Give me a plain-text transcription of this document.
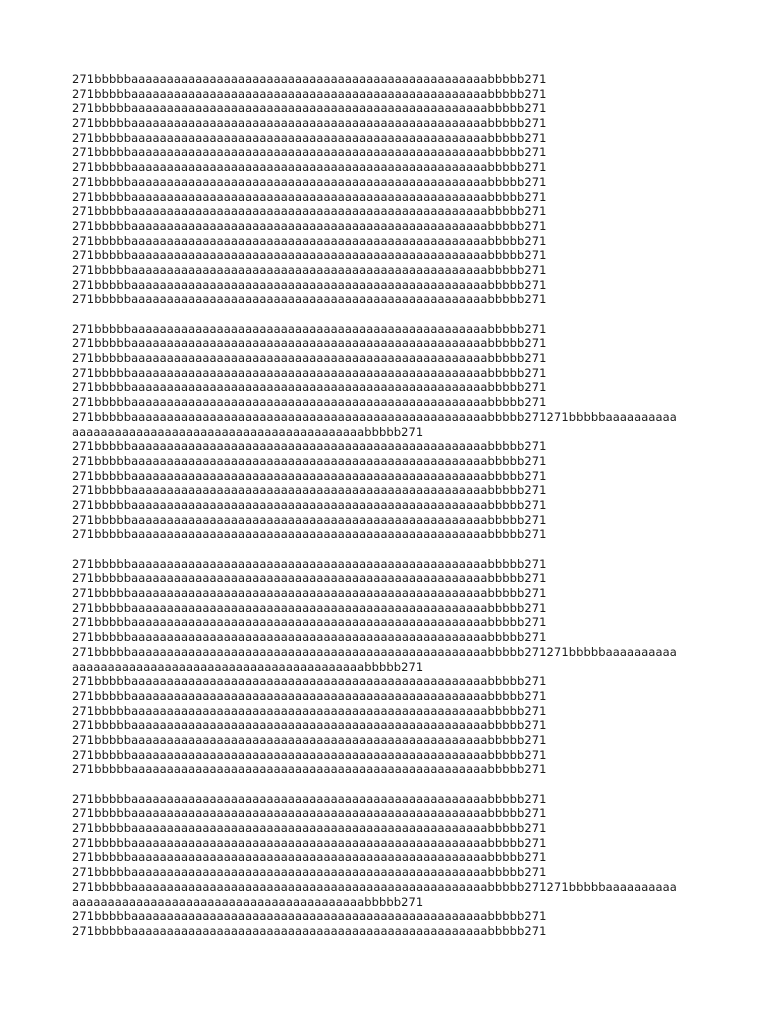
271bbbbbaaaaaaaaaaaaaaaaaaaaaaaaaaaaaaaaaaaaaaaaaaaaaaaaaabbbbb271
271bbbbbaaaaaaaaaaaaaaaaaaaaaaaaaaaaaaaaaaaaaaaaaaaaaaaaaabbbbb271
271bbbbbaaaaaaaaaaaaaaaaaaaaaaaaaaaaaaaaaaaaaaaaaaaaaaaaaabbbbb271
271bbbbbaaaaaaaaaaaaaaaaaaaaaaaaaaaaaaaaaaaaaaaaaaaaaaaaaabbbbb271
271bbbbbaaaaaaaaaaaaaaaaaaaaaaaaaaaaaaaaaaaaaaaaaaaaaaaaaabbbbb271
271bbbbbaaaaaaaaaaaaaaaaaaaaaaaaaaaaaaaaaaaaaaaaaaaaaaaaaabbbbb271
271bbbbbaaaaaaaaaaaaaaaaaaaaaaaaaaaaaaaaaaaaaaaaaaaaaaaaaabbbbb271
271bbbbbaaaaaaaaaaaaaaaaaaaaaaaaaaaaaaaaaaaaaaaaaaaaaaaaaabbbbb271
271bbbbbaaaaaaaaaaaaaaaaaaaaaaaaaaaaaaaaaaaaaaaaaaaaaaaaaabbbbb271
271bbbbbaaaaaaaaaaaaaaaaaaaaaaaaaaaaaaaaaaaaaaaaaaaaaaaaaabbbbb271
271bbbbbaaaaaaaaaaaaaaaaaaaaaaaaaaaaaaaaaaaaaaaaaaaaaaaaaabbbbb271
271bbbbbaaaaaaaaaaaaaaaaaaaaaaaaaaaaaaaaaaaaaaaaaaaaaaaaaabbbbb271
271bbbbbaaaaaaaaaaaaaaaaaaaaaaaaaaaaaaaaaaaaaaaaaaaaaaaaaabbbbb271
271bbbbbaaaaaaaaaaaaaaaaaaaaaaaaaaaaaaaaaaaaaaaaaaaaaaaaaabbbbb271
271bbbbbaaaaaaaaaaaaaaaaaaaaaaaaaaaaaaaaaaaaaaaaaaaaaaaaaabbbbb271
271bbbbbaaaaaaaaaaaaaaaaaaaaaaaaaaaaaaaaaaaaaaaaaaaaaaaaaabbbbb271
271bbbbbaaaaaaaaaaaaaaaaaaaaaaaaaaaaaaaaaaaaaaaaaaaaaaaaaabbbbb271
271bbbbbaaaaaaaaaaaaaaaaaaaaaaaaaaaaaaaaaaaaaaaaaaaaaaaaaabbbbb271
271bbbbbaaaaaaaaaaaaaaaaaaaaaaaaaaaaaaaaaaaaaaaaaaaaaaaaaabbbbb271
271bbbbbaaaaaaaaaaaaaaaaaaaaaaaaaaaaaaaaaaaaaaaaaaaaaaaaaabbbbb271
271bbbbbaaaaaaaaaaaaaaaaaaaaaaaaaaaaaaaaaaaaaaaaaaaaaaaaaabbbbb271
271bbbbbaaaaaaaaaaaaaaaaaaaaaaaaaaaaaaaaaaaaaaaaaaaaaaaaaabbbbb271
271bbbbbaaaaaaaaaaaaaaaaaaaaaaaaaaaaaaaaaaaaaaaaaaaaaaaaaabbbbb271271bbbbbaaaaaaaaaa
aaaaaaaaaaaaaaaaaaaaaaaaaaaaaaaaaaaaaaaaabbbbb271
271bbbbbaaaaaaaaaaaaaaaaaaaaaaaaaaaaaaaaaaaaaaaaaaaaaaaaaabbbbb271
271bbbbbaaaaaaaaaaaaaaaaaaaaaaaaaaaaaaaaaaaaaaaaaaaaaaaaaabbbbb271
271bbbbbaaaaaaaaaaaaaaaaaaaaaaaaaaaaaaaaaaaaaaaaaaaaaaaaaabbbbb271
271bbbbbaaaaaaaaaaaaaaaaaaaaaaaaaaaaaaaaaaaaaaaaaaaaaaaaaabbbbb271
271bbbbbaaaaaaaaaaaaaaaaaaaaaaaaaaaaaaaaaaaaaaaaaaaaaaaaaabbbbb271
271bbbbbaaaaaaaaaaaaaaaaaaaaaaaaaaaaaaaaaaaaaaaaaaaaaaaaaabbbbb271
271bbbbbaaaaaaaaaaaaaaaaaaaaaaaaaaaaaaaaaaaaaaaaaaaaaaaaaabbbbb271
271bbbbbaaaaaaaaaaaaaaaaaaaaaaaaaaaaaaaaaaaaaaaaaaaaaaaaaabbbbb271
271bbbbbaaaaaaaaaaaaaaaaaaaaaaaaaaaaaaaaaaaaaaaaaaaaaaaaaabbbbb271
271bbbbbaaaaaaaaaaaaaaaaaaaaaaaaaaaaaaaaaaaaaaaaaaaaaaaaaabbbbb271
271bbbbbaaaaaaaaaaaaaaaaaaaaaaaaaaaaaaaaaaaaaaaaaaaaaaaaaabbbbb271
271bbbbbaaaaaaaaaaaaaaaaaaaaaaaaaaaaaaaaaaaaaaaaaaaaaaaaaabbbbb271
271bbbbbaaaaaaaaaaaaaaaaaaaaaaaaaaaaaaaaaaaaaaaaaaaaaaaaaabbbbb271
271bbbbbaaaaaaaaaaaaaaaaaaaaaaaaaaaaaaaaaaaaaaaaaaaaaaaaaabbbbb271271bbbbbaaaaaaaaaa
aaaaaaaaaaaaaaaaaaaaaaaaaaaaaaaaaaaaaaaaabbbbb271
271bbbbbaaaaaaaaaaaaaaaaaaaaaaaaaaaaaaaaaaaaaaaaaaaaaaaaaabbbbb271
271bbbbbaaaaaaaaaaaaaaaaaaaaaaaaaaaaaaaaaaaaaaaaaaaaaaaaaabbbbb271
271bbbbbaaaaaaaaaaaaaaaaaaaaaaaaaaaaaaaaaaaaaaaaaaaaaaaaaabbbbb271
271bbbbbaaaaaaaaaaaaaaaaaaaaaaaaaaaaaaaaaaaaaaaaaaaaaaaaaabbbbb271
271bbbbbaaaaaaaaaaaaaaaaaaaaaaaaaaaaaaaaaaaaaaaaaaaaaaaaaabbbbb271
271bbbbbaaaaaaaaaaaaaaaaaaaaaaaaaaaaaaaaaaaaaaaaaaaaaaaaaabbbbb271
271bbbbbaaaaaaaaaaaaaaaaaaaaaaaaaaaaaaaaaaaaaaaaaaaaaaaaaabbbbb271
271bbbbbaaaaaaaaaaaaaaaaaaaaaaaaaaaaaaaaaaaaaaaaaaaaaaaaaabbbbb271
271bbbbbaaaaaaaaaaaaaaaaaaaaaaaaaaaaaaaaaaaaaaaaaaaaaaaaaabbbbb271
271bbbbbaaaaaaaaaaaaaaaaaaaaaaaaaaaaaaaaaaaaaaaaaaaaaaaaaabbbbb271
271bbbbbaaaaaaaaaaaaaaaaaaaaaaaaaaaaaaaaaaaaaaaaaaaaaaaaaabbbbb271
271bbbbbaaaaaaaaaaaaaaaaaaaaaaaaaaaaaaaaaaaaaaaaaaaaaaaaaabbbbb271
271bbbbbaaaaaaaaaaaaaaaaaaaaaaaaaaaaaaaaaaaaaaaaaaaaaaaaaabbbbb271
271bbbbbaaaaaaaaaaaaaaaaaaaaaaaaaaaaaaaaaaaaaaaaaaaaaaaaaabbbbb271271bbbbbaaaaaaaaaa
aaaaaaaaaaaaaaaaaaaaaaaaaaaaaaaaaaaaaaaaabbbbb271
271bbbbbaaaaaaaaaaaaaaaaaaaaaaaaaaaaaaaaaaaaaaaaaaaaaaaaaabbbbb271
271bbbbbaaaaaaaaaaaaaaaaaaaaaaaaaaaaaaaaaaaaaaaaaaaaaaaaaabbbbb271
